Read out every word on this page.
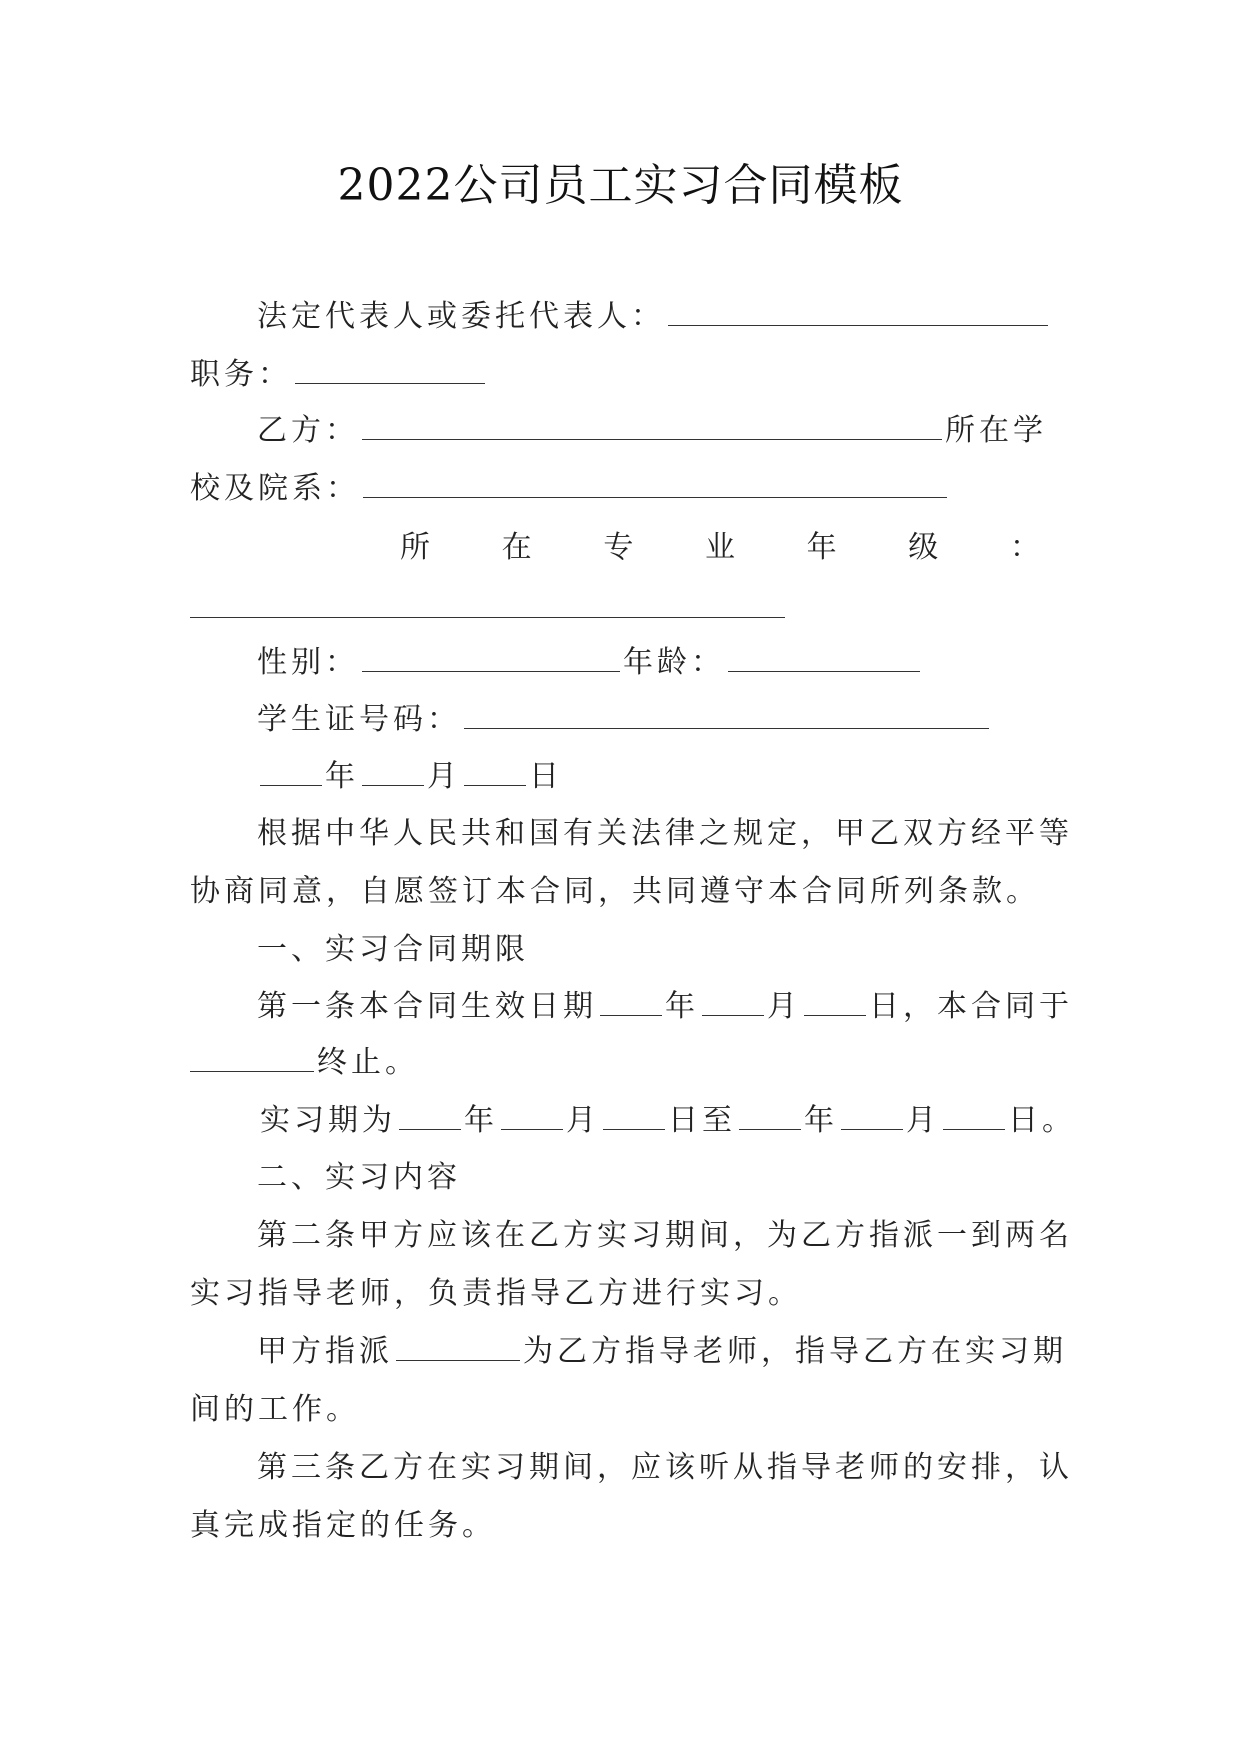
2022公司员工实习合同模板
法定代表人或委托代表人：
职务：
乙方：	所在学
校及院系：
所 在 专 业 年 级 ：
性别：	年龄：
学生证号码：
年 月 日
根据中华人民共和国有关法律之规定，甲乙双方经平等
协商同意，自愿签订本合同，共同遵守本合同所列条款。
一、实习合同期限
第一条本合同生效日期 年 月 日，本合同于
终止。
实习期为 年 月 日至 年 月 日。
二、实习内容
第二条甲方应该在乙方实习期间，为乙方指派一到两名
实习指导老师，负责指导乙方进行实习。
甲方指派	为乙方指导老师，指导乙方在实习期
间的工作。
第三条乙方在实习期间，应该听从指导老师的安排，认
真完成指定的任务。
